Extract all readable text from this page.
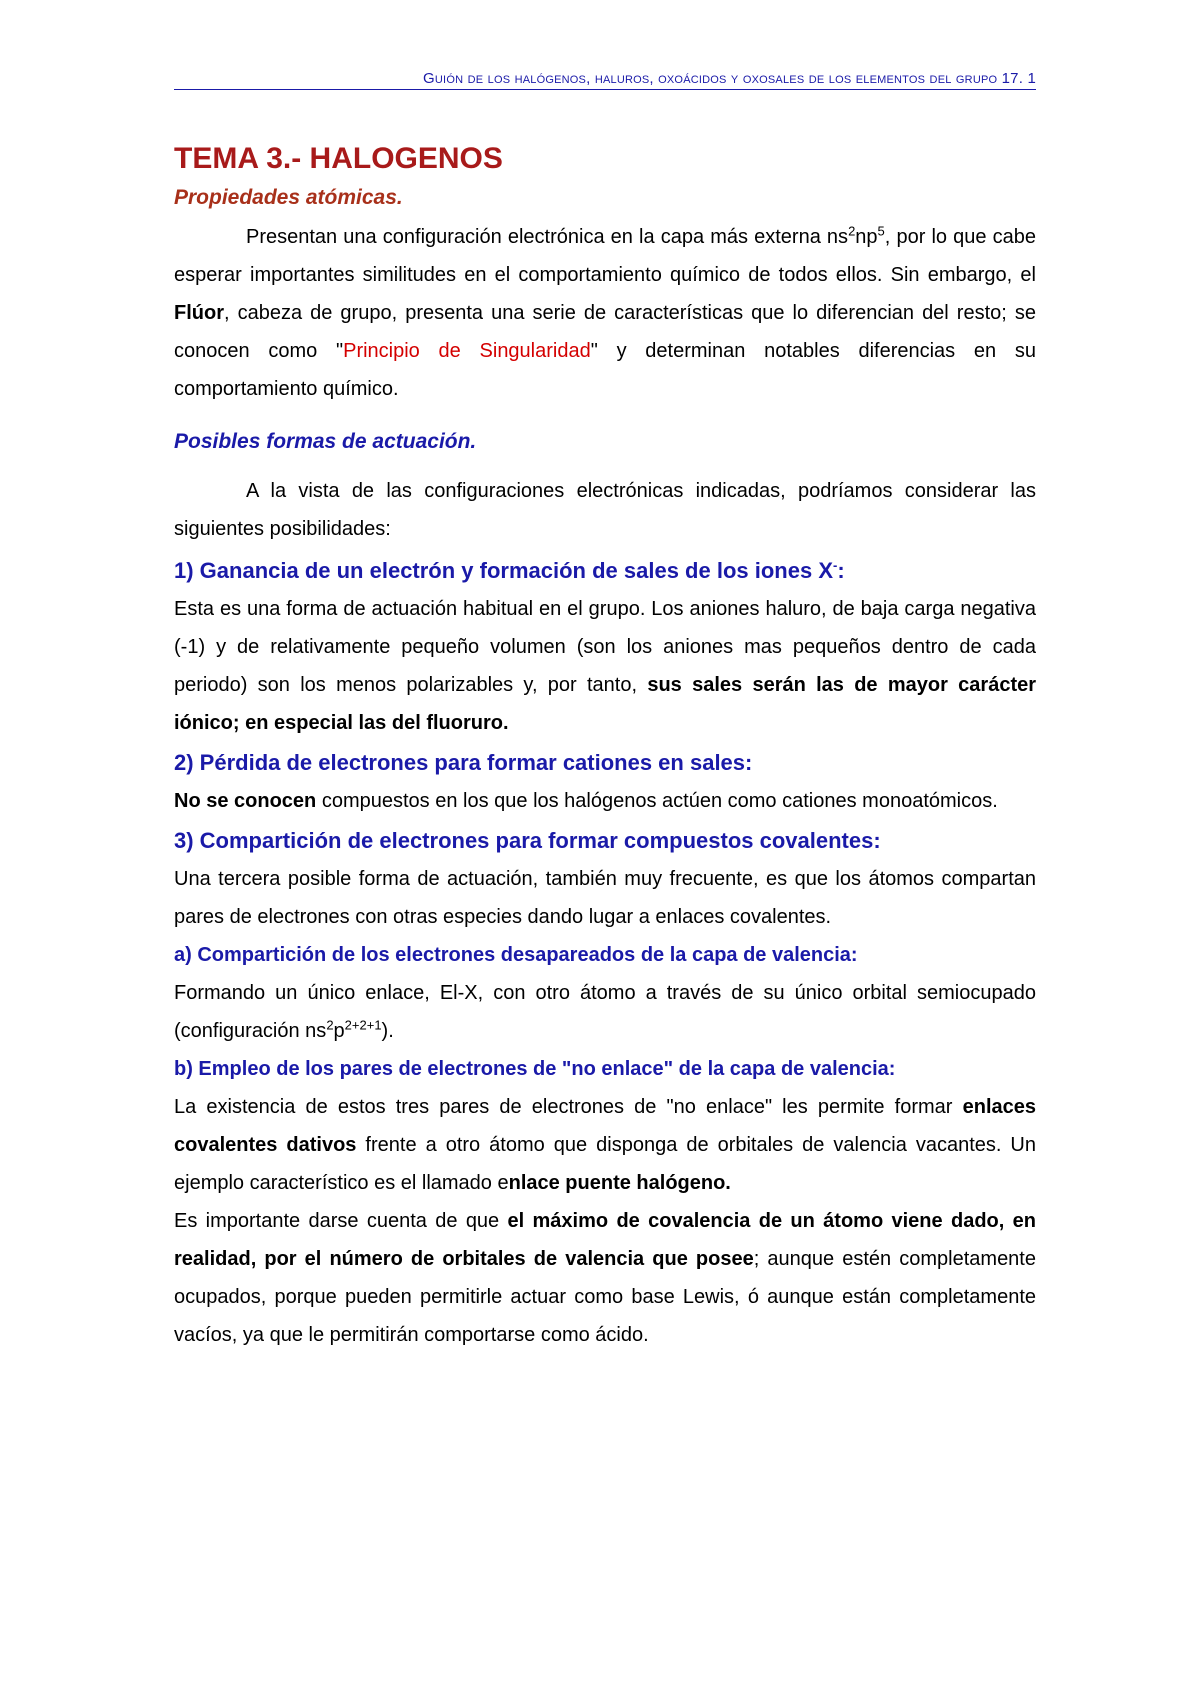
Guión de los halógenos, haluros, oxoácidos y oxosales de los elementos del grupo 17. 1
TEMA 3.- HALOGENOS
Propiedades atómicas.

Presentan una configuración electrónica en la capa más externa $ns^2np^5$, por lo que cabe esperar importantes similitudes en el comportamiento químico de todos ellos. Sin embargo, el Flúor, cabeza de grupo, presenta una serie de características que lo diferencian del resto; se conocen como "Principio de Singularidad" y determinan notables diferencias en su comportamiento químico.

Posibles formas de actuación.

A la vista de las configuraciones electrónicas indicadas, podríamos considerar las siguientes posibilidades:

1) Ganancia de un electrón y formación de sales de los iones X-:

Esta es una forma de actuación habitual en el grupo. Los aniones haluro, de baja carga negativa (-1) y de relativamente pequeño volumen (son los aniones mas pequeños dentro de cada periodo) son los menos polarizables y, por tanto, sus sales serán las de mayor carácter iónico; en especial las del fluoruro.

2) Pérdida de electrones para formar cationes en sales:

No se conocen compuestos en los que los halógenos actúen como cationes monoatómicos.

3) Compartición de electrones para formar compuestos covalentes:

Una tercera posible forma de actuación, también muy frecuente, es que los átomos compartan pares de electrones con otras especies dando lugar a enlaces covalentes.

a) Compartición de los electrones desapareados de la capa de valencia:

Formando un único enlace, El-X, con otro átomo a través de su único orbital semiocupado (configuración $ns^2p^{2+2+1}$).

b) Empleo de los pares de electrones de "no enlace" de la capa de valencia:

La existencia de estos tres pares de electrones de "no enlace" les permite formar enlaces covalentes dativos frente a otro átomo que disponga de orbitales de valencia vacantes. Un ejemplo característico es el llamado enlace puente halógeno.

Es importante darse cuenta de que el máximo de covalencia de un átomo viene dado, en realidad, por el número de orbitales de valencia que posee; aunque estén completamente ocupados, porque pueden permitirle actuar como base Lewis, ó aunque están completamente vacíos, ya que le permitirán comportarse como ácido.
